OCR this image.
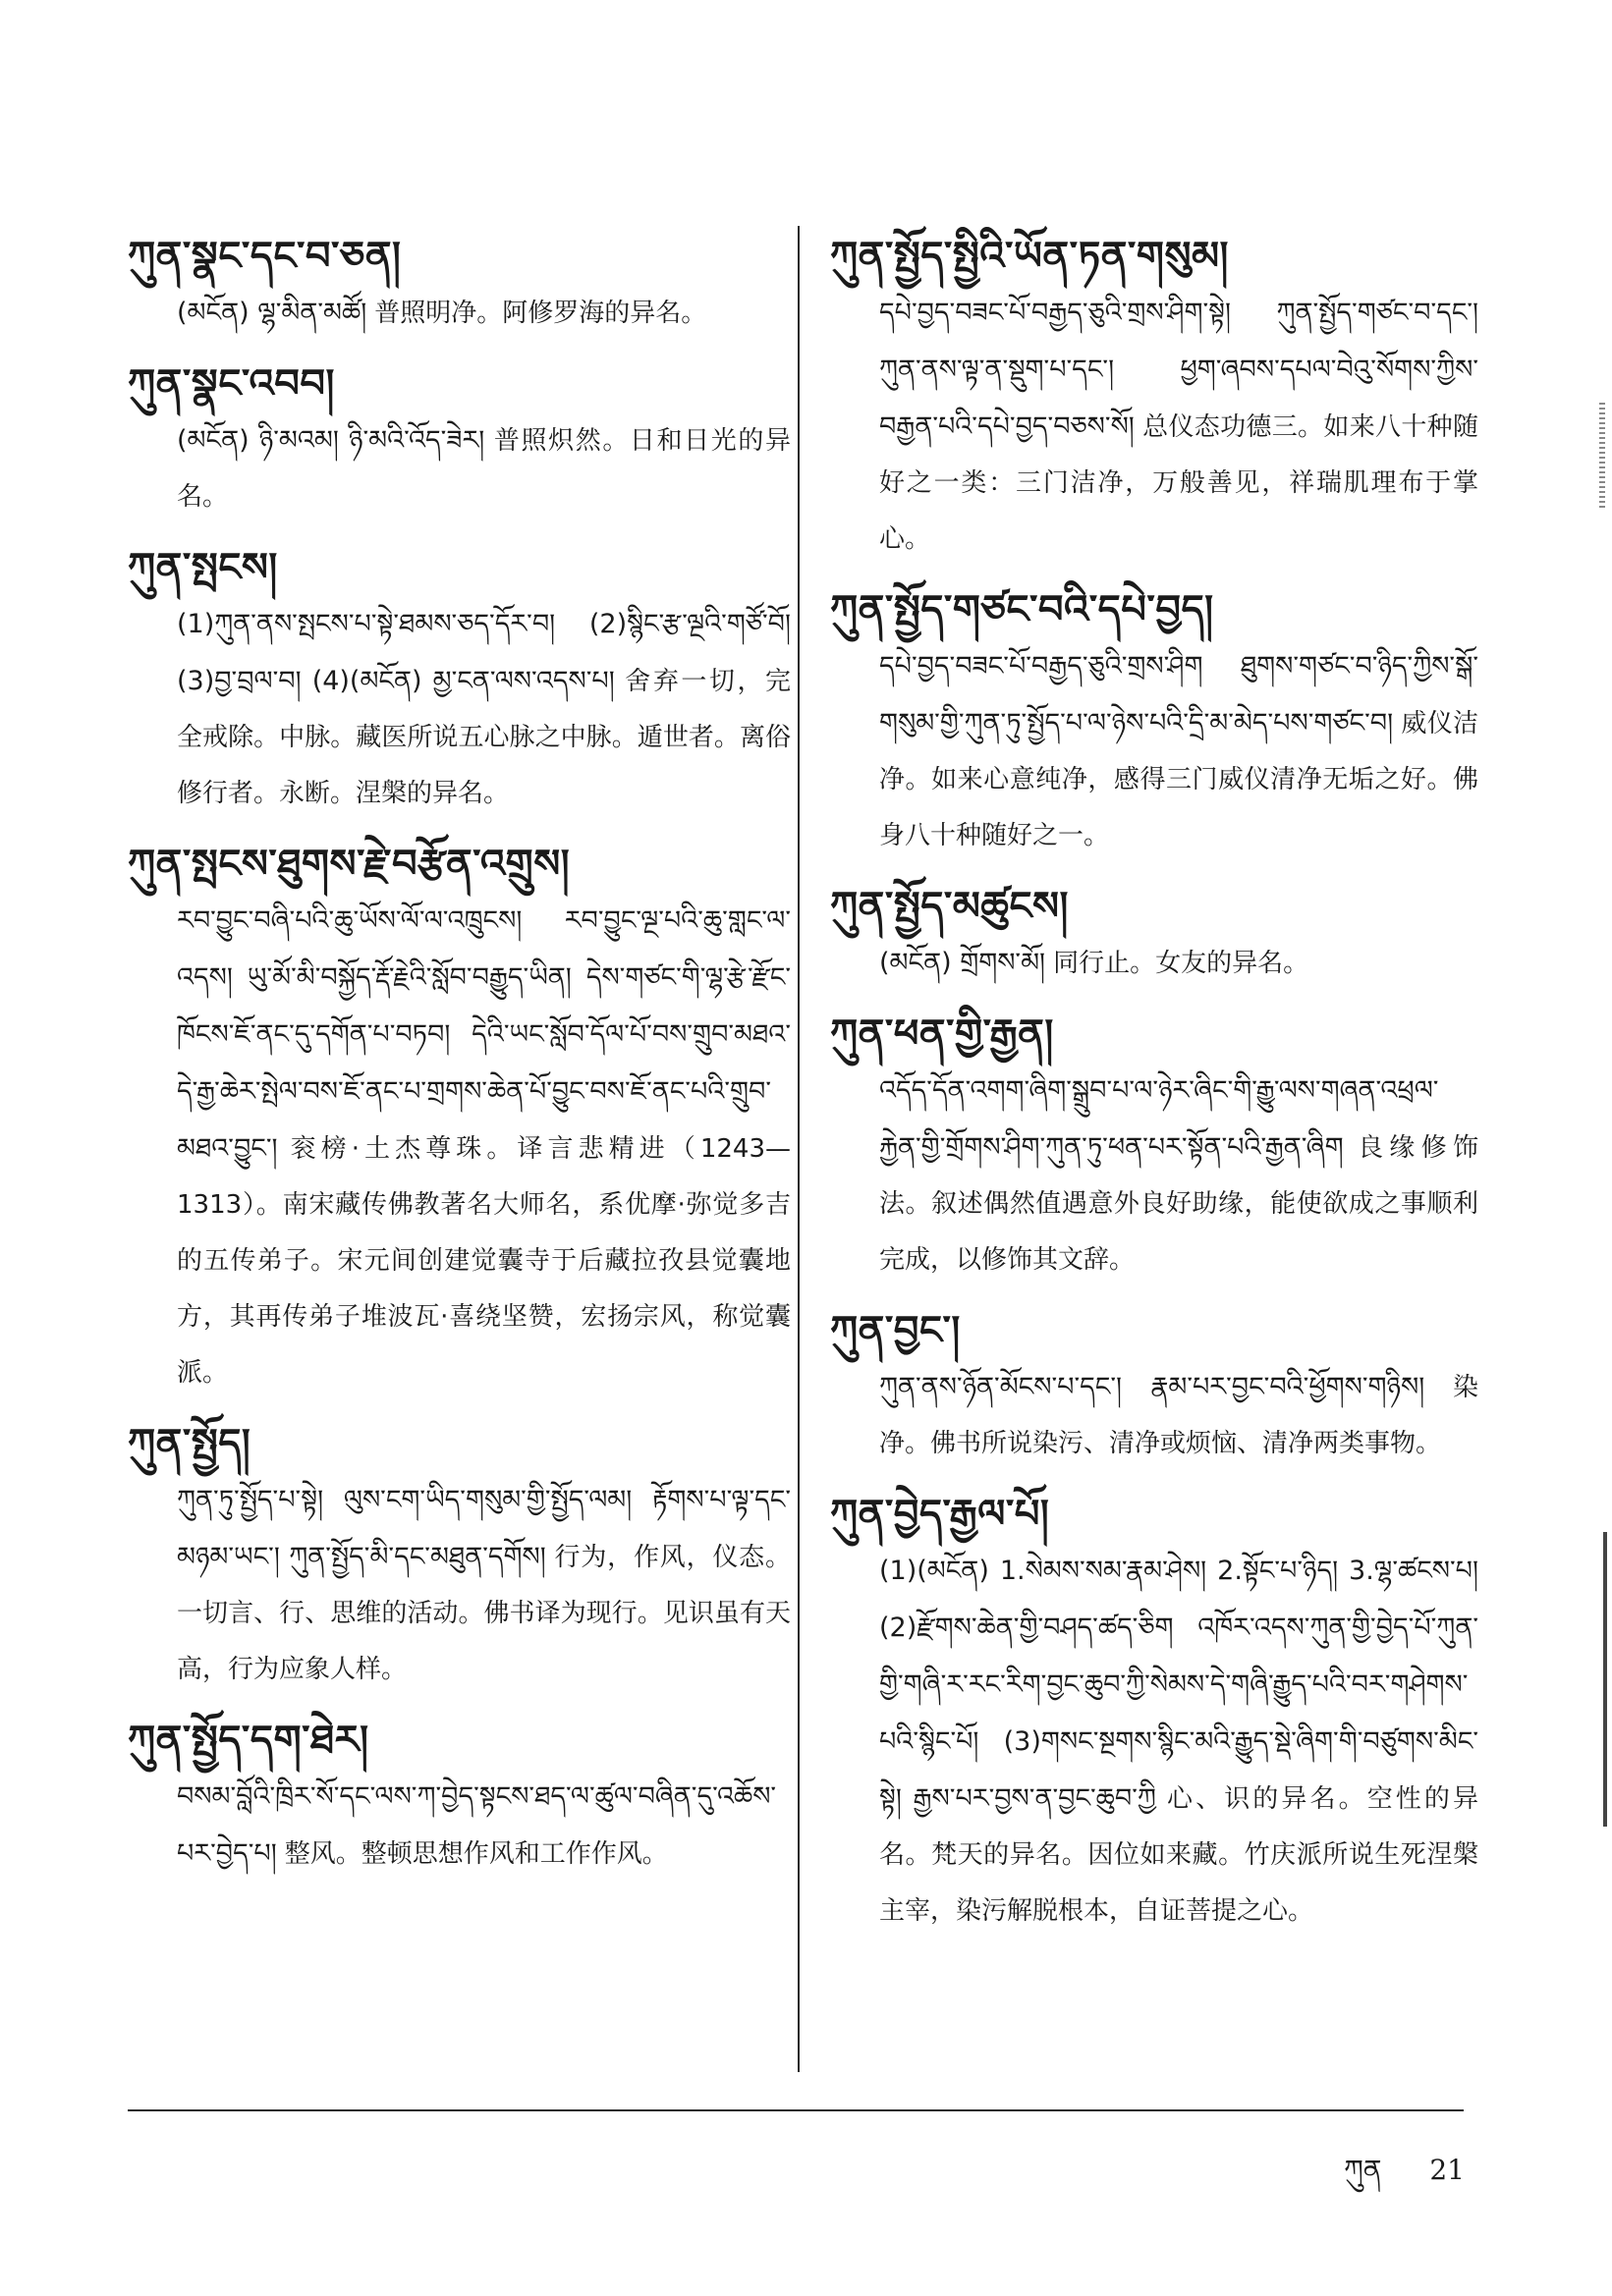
ཀུན་སྣང་དང་བ་ཅན།
(མངོན) ལྷ་མིན་མཚོ། 普照明净。阿修罗海的异名。
ཀུན་སྣང་འབབ།
(མངོན) ཉི་མའམ། ཉི་མའི་འོད་ཟེར། 普照炽然。日和日光的异名。
ཀུན་སྤངས།
(1)ཀུན་ནས་སྤངས་པ་སྟེ་ཐམས་ཅད་དོར་བ། (2)སྙིང་རྩ་ལྔའི་གཙོ་བོ། (3)བྱ་བྲལ་བ། (4)(མངོན) མྱ་ངན་ལས་འདས་པ། 舍弃一切，完全戒除。中脉。藏医所说五心脉之中脉。遁世者。离俗修行者。永断。涅槃的异名。
ཀུན་སྤངས་ཐུགས་རྗེ་བརྩོན་འགྲུས།
རབ་བྱུང་བཞི་པའི་ཆུ་ཡོས་ལོ་ལ་འཁྲུངས། རབ་བྱུང་ལྔ་པའི་ཆུ་གླང་ལ་འདས། ཡུ་མོ་མི་བསྐྱོད་རྡོ་རྗེའི་སློབ་བརྒྱུད་ཡིན། དེས་གཙང་གི་ལྷ་རྩེ་རྫོང་ཁོངས་ཇོ་ནང་དུ་དགོན་པ་བཏབ། དེའི་ཡང་སློབ་དོལ་པོ་བས་གྲུབ་མཐའ་དེ་རྒྱ་ཆེར་སྤེལ་བས་ཇོ་ནང་པ་གྲགས་ཆེན་པོ་བྱུང་བས་ཇོ་ནང་པའི་གྲུབ་མཐའ་བྱུང་། 衮榜·土杰尊珠。译言悲精进（1243—1313）。南宋藏传佛教著名大师名，系优摩·弥觉多吉的五传弟子。宋元间创建觉囊寺于后藏拉孜县觉囊地方，其再传弟子堆波瓦·喜绕坚赞，宏扬宗风，称觉囊派。
ཀུན་སྤྱོད།
ཀུན་ཏུ་སྤྱོད་པ་སྟེ། ལུས་ངག་ཡིད་གསུམ་གྱི་སྤྱོད་ལམ། རྟོགས་པ་ལྟ་དང་མཉམ་ཡང་། ཀུན་སྤྱོད་མི་དང་མཐུན་དགོས། 行为，作风，仪态。一切言、行、思维的活动。佛书译为现行。见识虽有天高，行为应象人样。
ཀུན་སྤྱོད་དག་ཐེར།
བསམ་བློའི་ཁྲིར་སོ་དང་ལས་ཀ་བྱེད་སྟངས་ཐད་ལ་ཚུལ་བཞིན་དུ་འཆོས་པར་བྱེད་པ། 整风。整顿思想作风和工作作风。
ཀུན་སྤྱོད་སྤྱིའི་ཡོན་ཏན་གསུམ།
དཔེ་བྱད་བཟང་པོ་བརྒྱད་ཅུའི་གྲས་ཤིག་སྟེ། ཀུན་སྤྱོད་གཙང་བ་དང་། ཀུན་ནས་ལྟ་ན་སྡུག་པ་དང་། ཕྱག་ཞབས་དཔལ་བེའུ་སོགས་ཀྱིས་བརྒྱན་པའི་དཔེ་བྱད་བཅས་སོ། 总仪态功德三。如来八十种随好之一类：三门洁净，万般善见，祥瑞肌理布于掌心。
ཀུན་སྤྱོད་གཙང་བའི་དཔེ་བྱད།
དཔེ་བྱད་བཟང་པོ་བརྒྱད་ཅུའི་གྲས་ཤིག ཐུགས་གཙང་བ་ཉིད་ཀྱིས་སྒོ་གསུམ་གྱི་ཀུན་ཏུ་སྤྱོད་པ་ལ་ཉེས་པའི་དྲི་མ་མེད་པས་གཙང་བ། 威仪洁净。如来心意纯净，感得三门威仪清净无垢之好。佛身八十种随好之一。
ཀུན་སྤྱོད་མཚུངས།
(མངོན) གྲོགས་མོ། 同行止。女友的异名。
ཀུན་ཕན་གྱི་རྒྱན།
འདོད་དོན་འགག་ཞིག་སྒྲུབ་པ་ལ་ཉེར་ཞིང་གི་རྒྱུ་ལས་གཞན་འཕྲལ་རྐྱེན་གྱི་གྲོགས་ཤིག་ཀུན་ཏུ་ཕན་པར་སྟོན་པའི་རྒྱན་ཞིག 良缘修饰法。叙述偶然值遇意外良好助缘，能使欲成之事顺利完成，以修饰其文辞。
ཀུན་བྱང་།
ཀུན་ནས་ཉོན་མོངས་པ་དང་། རྣམ་པར་བྱང་བའི་ཕྱོགས་གཉིས། 染净。佛书所说染污、清净或烦恼、清净两类事物。
ཀུན་བྱེད་རྒྱལ་པོ།
(1)(མངོན) 1.སེམས་སམ་རྣམ་ཤེས། 2.སྟོང་པ་ཉིད། 3.ལྷ་ཚངས་པ། (2)རྫོགས་ཆེན་གྱི་བཤད་ཚད་ཅིག འཁོར་འདས་ཀུན་གྱི་བྱེད་པོ་ཀུན་གྱི་གཞི་ར་རང་རིག་བྱང་ཆུབ་ཀྱི་སེམས་དེ་གཞི་རྒྱུད་པའི་བར་གཤེགས་པའི་སྙིང་པོ། (3)གསང་སྔགས་སྙིང་མའི་རྒྱུད་སྡེ་ཞིག་གི་བཙུགས་མིང་སྟེ། རྒྱས་པར་བྱས་ན་བྱང་ཆུབ་ཀྱི 心、识的异名。空性的异名。梵天的异名。因位如来藏。竹庆派所说生死涅槃主宰，染污解脱根本，自证菩提之心。
ཀུན 21
